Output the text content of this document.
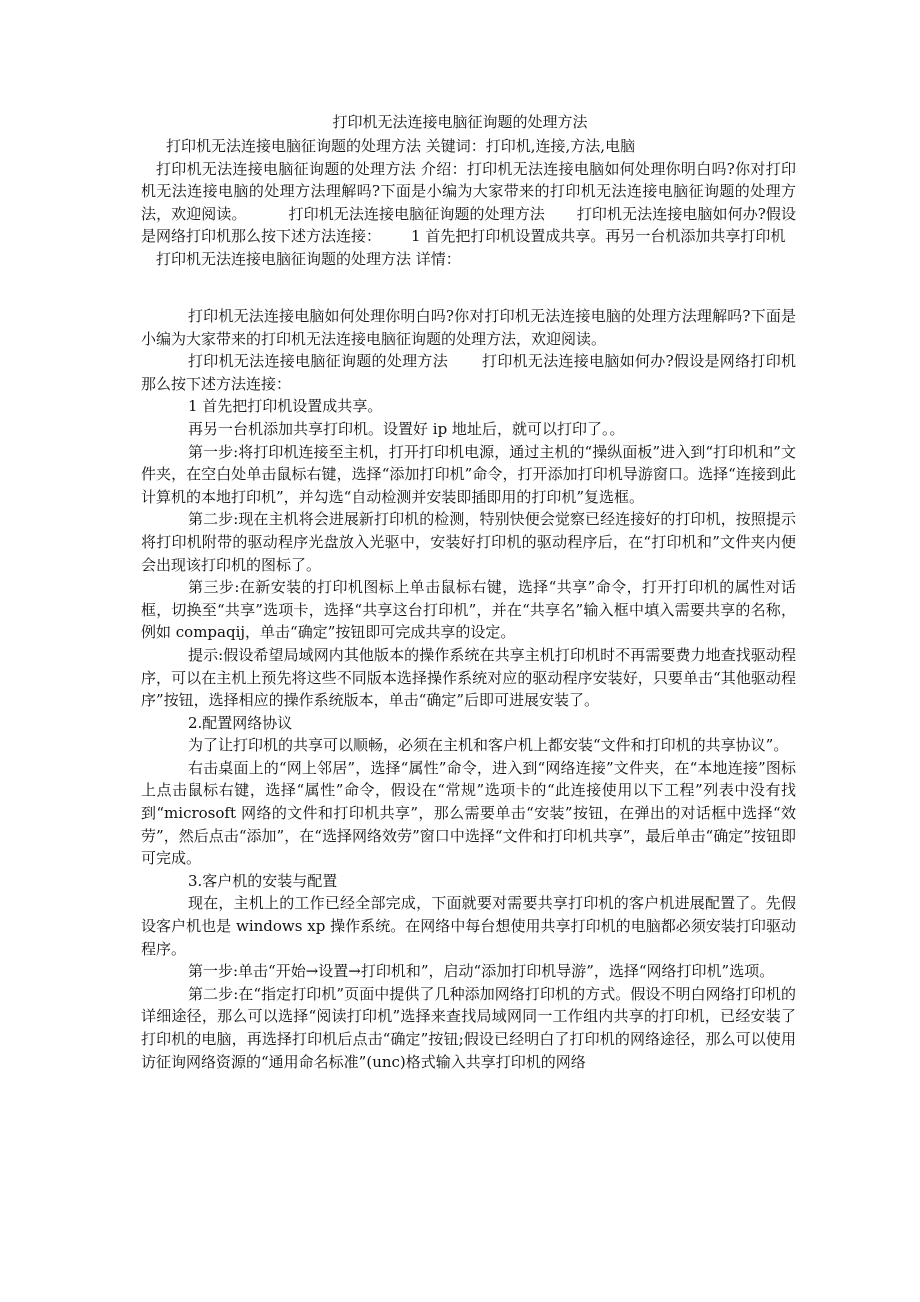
打印机无法连接电脑征询题的处理方法

打印机无法连接电脑征询题的处理方法 关键词：打印机,连接,方法,电脑

打印机无法连接电脑征询题的处理方法 介绍：打印机无法连接电脑如何处理你明白吗?你对打印机无法连接电脑的处理方法理解吗?下面是小编为大家带来的打印机无法连接电脑征询题的处理方法，欢迎阅读。	打印机无法连接电脑征询题的处理方法 打印机无法连接电脑如何办?假设是网络打印机那么按下述方法连接： 1 首先把打印机设置成共享。再另一台机添加共享打印机

打印机无法连接电脑征询题的处理方法 详情：

打印机无法连接电脑如何处理你明白吗?你对打印机无法连接电脑的处理方法理解吗?下面是小编为大家带来的打印机无法连接电脑征询题的处理方法，欢迎阅读。

打印机无法连接电脑征询题的处理方法 打印机无法连接电脑如何办?假设是网络打印机那么按下述方法连接：

1 首先把打印机设置成共享。

再另一台机添加共享打印机。设置好 ip 地址后，就可以打印了。。

第一步:将打印机连接至主机，打开打印机电源，通过主机的“操纵面板”进入到“打印机和”文件夹，在空白处单击鼠标右键，选择“添加打印机”命令，打开添加打印机导游窗口。选择“连接到此计算机的本地打印机”，并勾选“自动检测并安装即插即用的打印机”复选框。

第二步:现在主机将会进展新打印机的检测，特别快便会觉察已经连接好的打印机，按照提示将打印机附带的驱动程序光盘放入光驱中，安装好打印机的驱动程序后，在“打印机和”文件夹内便会出现该打印机的图标了。

第三步:在新安装的打印机图标上单击鼠标右键，选择“共享”命令，打开打印机的属性对话框，切换至“共享”选项卡，选择“共享这台打印机”，并在“共享名”输入框中填入需要共享的名称，例如 compaqij，单击“确定”按钮即可完成共享的设定。

提示:假设希望局域网内其他版本的操作系统在共享主机打印机时不再需要费力地查找驱动程序，可以在主机上预先将这些不同版本选择操作系统对应的驱动程序安装好，只要单击“其他驱动程序”按钮，选择相应的操作系统版本，单击“确定”后即可进展安装了。

2.配置网络协议

为了让打印机的共享可以顺畅，必须在主机和客户机上都安装“文件和打印机的共享协议”。

右击桌面上的“网上邻居”，选择“属性”命令，进入到“网络连接”文件夹，在“本地连接”图标上点击鼠标右键，选择“属性”命令，假设在“常规”选项卡的“此连接使用以下工程”列表中没有找到“microsoft 网络的文件和打印机共享”，那么需要单击“安装”按钮，在弹出的对话框中选择“效劳”，然后点击“添加”，在“选择网络效劳”窗口中选择“文件和打印机共享”，最后单击“确定”按钮即可完成。

3.客户机的安装与配置

现在，主机上的工作已经全部完成，下面就要对需要共享打印机的客户机进展配置了。先假设客户机也是 windows xp 操作系统。在网络中每台想使用共享打印机的电脑都必须安装打印驱动程序。

第一步:单击“开始→设置→打印机和”，启动“添加打印机导游”，选择“网络打印机”选项。

第二步:在“指定打印机”页面中提供了几种添加网络打印机的方式。假设不明白网络打印机的详细途径，那么可以选择“阅读打印机”选择来查找局域网同一工作组内共享的打印机，已经安装了打印机的电脑，再选择打印机后点击“确定”按钮;假设已经明白了打印机的网络途径，那么可以使用访征询网络资源的“通用命名标准”(unc)格式输入共享打印机的网络
